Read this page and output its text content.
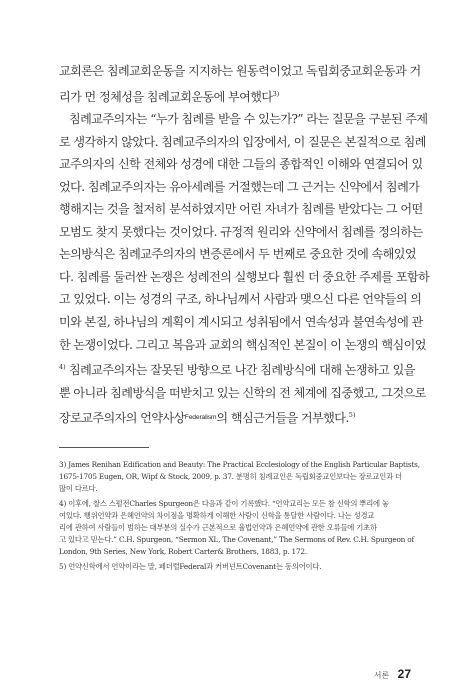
교회론은 침례교회운동을 지지하는 원동력이었고 독립회중교회운동과 거
리가 먼 정체성을 침례교회운동에 부여했다$^{3)}$

침례교주의자는 “누가 침례를 받을 수 있는가?” 라는 질문을 구분된 주제
로 생각하지 않았다. 침례교주의자의 입장에서, 이 질문은 본질적으로 침례
교주의자의 신학 전체와 성경에 대한 그들의 종합적인 이해와 연결되어 있
었다. 침례교주의자는 유아세례를 거절했는데 그 근거는 신약에서 침례가
행해지는 것을 철저히 분석하였지만 어린 자녀가 침례를 받았다는 그 어떤
모범도 찾지 못했다는 것이었다. 규정적 원리와 신약에서 침례를 정의하는
논의방식은 침례교주의자의 변증론에서 두 번째로 중요한 것에 속해있었
다. 침례를 둘러싼 논쟁은 성례전의 실행보다 훨씬 더 중요한 주제를 포함하
고 있었다. 이는 성경의 구조, 하나님께서 사람과 맺으신 다른 언약들의 의
미와 본질, 하나님의 계획이 계시되고 성취됨에서 연속성과 불연속성에 관
한 논쟁이었다. 그리고 복음과 교회의 핵심적인 본질이 이 논쟁의 핵심이었
$^{4)}$ 침례교주의자는 잘못된 방향으로 나간 침례방식에 대해 논쟁하고 있을
뿐 아니라 침례방식을 떠받치고 있는 신학의 전 체계에 집중했고, 그것으로
장로교주의자의 언약사상$^{Federalism}$의 핵심근거들을 거부했다.$^{5)}$

3) James Renihan Edification and Beauty: The Practical Ecclesiology of the English Particular Baptists,
1675-1705 Eugen, OR, Wipf & Stock, 2009, p. 37. 분명히 침례교인은 독립회중교인보다는 장로교인과 더
많이 다르다.

4) 이후에, 찰스 스펄전Charles Spurgeon은 다음과 같이 기록했다. “언약교리는 모든 참 신학의 뿌리에 놓
여있다. 행위언약과 은혜언약의 차이점을 명확하게 이해한 사람이 신학을 통달한 사람이다. 나는 성경교
리에 관하여 사람들이 범하는 대부분의 실수가 근본적으로 율법언약과 은혜언약에 관한 오류들에 기초하
고 있다고 믿는다.” C.H. Spurgeon, “Sermon XL, The Covenant,” The Sermons of Rev. C.H. Spurgeon of
London, 9th Series, New York, Robert Carter& Brothers, 1883, p. 172.

5) 언약신학에서 언약이라는 말, 페더럴Federal과 커버넌트Covenant는 동의어이다.

서론 27
